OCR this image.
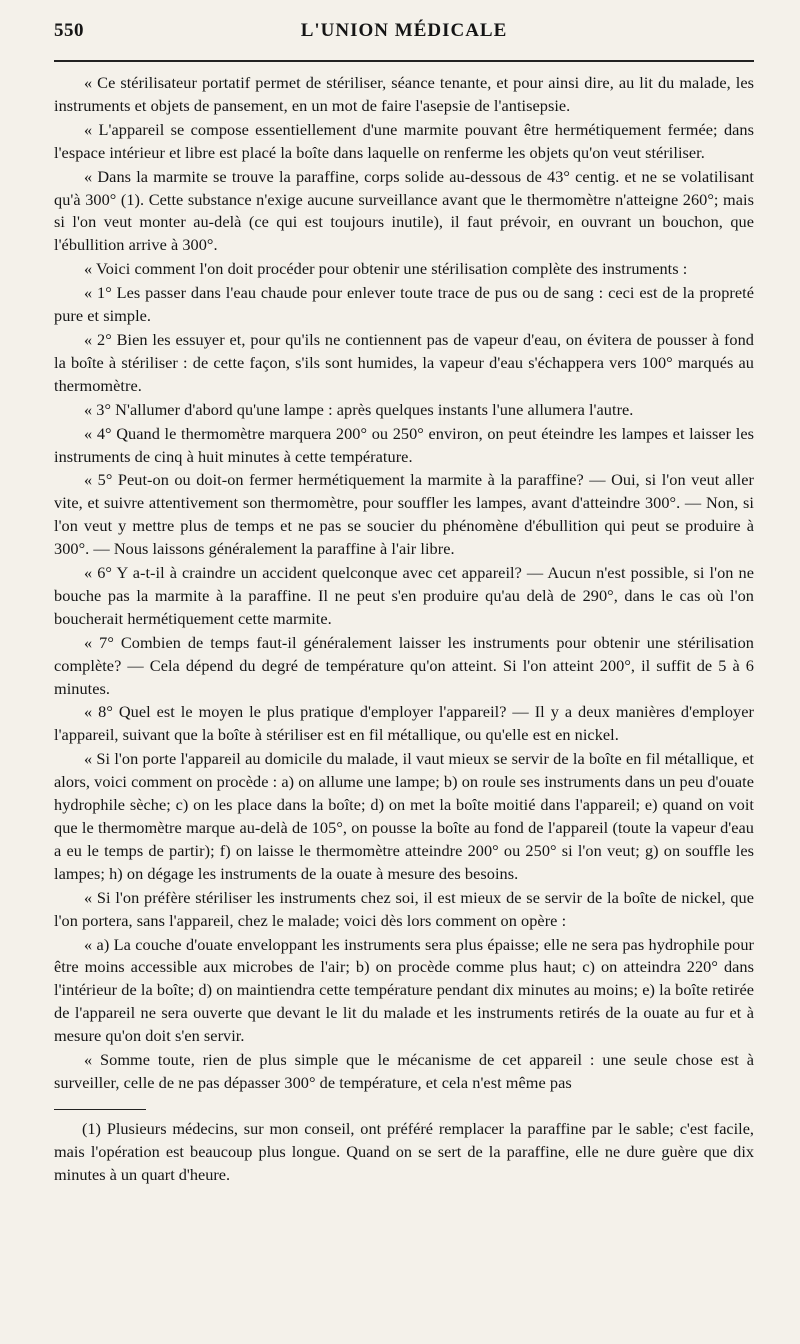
550	L'UNION MÉDICALE

« Ce stérilisateur portatif permet de stériliser, séance tenante, et pour ainsi dire, au lit du malade, les instruments et objets de pansement, en un mot de faire l'asepsie de l'antisepsie.

« L'appareil se compose essentiellement d'une marmite pouvant être hermétiquement fermée; dans l'espace intérieur et libre est placé la boîte dans laquelle on renferme les objets qu'on veut stériliser.

« Dans la marmite se trouve la paraffine, corps solide au-dessous de 43° centig. et ne se volatilisant qu'à 300° (1). Cette substance n'exige aucune surveillance avant que le thermomètre n'atteigne 260°; mais si l'on veut monter au-delà (ce qui est toujours inutile), il faut prévoir, en ouvrant un bouchon, que l'ébullition arrive à 300°.

« Voici comment l'on doit procéder pour obtenir une stérilisation complète des instruments :

« 1° Les passer dans l'eau chaude pour enlever toute trace de pus ou de sang : ceci est de la propreté pure et simple.

« 2° Bien les essuyer et, pour qu'ils ne contiennent pas de vapeur d'eau, on évitera de pousser à fond la boîte à stériliser : de cette façon, s'ils sont humides, la vapeur d'eau s'échappera vers 100° marqués au thermomètre.

« 3° N'allumer d'abord qu'une lampe : après quelques instants l'une allumera l'autre.

« 4° Quand le thermomètre marquera 200° ou 250° environ, on peut éteindre les lampes et laisser les instruments de cinq à huit minutes à cette température.

« 5° Peut-on ou doit-on fermer hermétiquement la marmite à la paraffine? — Oui, si l'on veut aller vite, et suivre attentivement son thermomètre, pour souffler les lampes, avant d'atteindre 300°. — Non, si l'on veut y mettre plus de temps et ne pas se soucier du phénomène d'ébullition qui peut se produire à 300°. — Nous laissons généralement la paraffine à l'air libre.

« 6° Y a-t-il à craindre un accident quelconque avec cet appareil? — Aucun n'est possible, si l'on ne bouche pas la marmite à la paraffine. Il ne peut s'en produire qu'au delà de 290°, dans le cas où l'on boucherait hermétiquement cette marmite.

« 7° Combien de temps faut-il généralement laisser les instruments pour obtenir une stérilisation complète? — Cela dépend du degré de température qu'on atteint. Si l'on atteint 200°, il suffit de 5 à 6 minutes.

« 8° Quel est le moyen le plus pratique d'employer l'appareil? — Il y a deux manières d'employer l'appareil, suivant que la boîte à stériliser est en fil métallique, ou qu'elle est en nickel.

« Si l'on porte l'appareil au domicile du malade, il vaut mieux se servir de la boîte en fil métallique, et alors, voici comment on procède : a) on allume une lampe; b) on roule ses instruments dans un peu d'ouate hydrophile sèche; c) on les place dans la boîte; d) on met la boîte moitié dans l'appareil; e) quand on voit que le thermomètre marque au-delà de 105°, on pousse la boîte au fond de l'appareil (toute la vapeur d'eau a eu le temps de partir); f) on laisse le thermomètre atteindre 200° ou 250° si l'on veut; g) on souffle les lampes; h) on dégage les instruments de la ouate à mesure des besoins.

« Si l'on préfère stériliser les instruments chez soi, il est mieux de se servir de la boîte de nickel, que l'on portera, sans l'appareil, chez le malade; voici dès lors comment on opère :

« a) La couche d'ouate enveloppant les instruments sera plus épaisse; elle ne sera pas hydrophile pour être moins accessible aux microbes de l'air; b) on procède comme plus haut; c) on atteindra 220° dans l'intérieur de la boîte; d) on maintiendra cette température pendant dix minutes au moins; e) la boîte retirée de l'appareil ne sera ouverte que devant le lit du malade et les instruments retirés de la ouate au fur et à mesure qu'on doit s'en servir.

« Somme toute, rien de plus simple que le mécanisme de cet appareil : une seule chose est à surveiller, celle de ne pas dépasser 300° de température, et cela n'est même pas

(1) Plusieurs médecins, sur mon conseil, ont préféré remplacer la paraffine par le sable; c'est facile, mais l'opération est beaucoup plus longue. Quand on se sert de la paraffine, elle ne dure guère que dix minutes à un quart d'heure.
